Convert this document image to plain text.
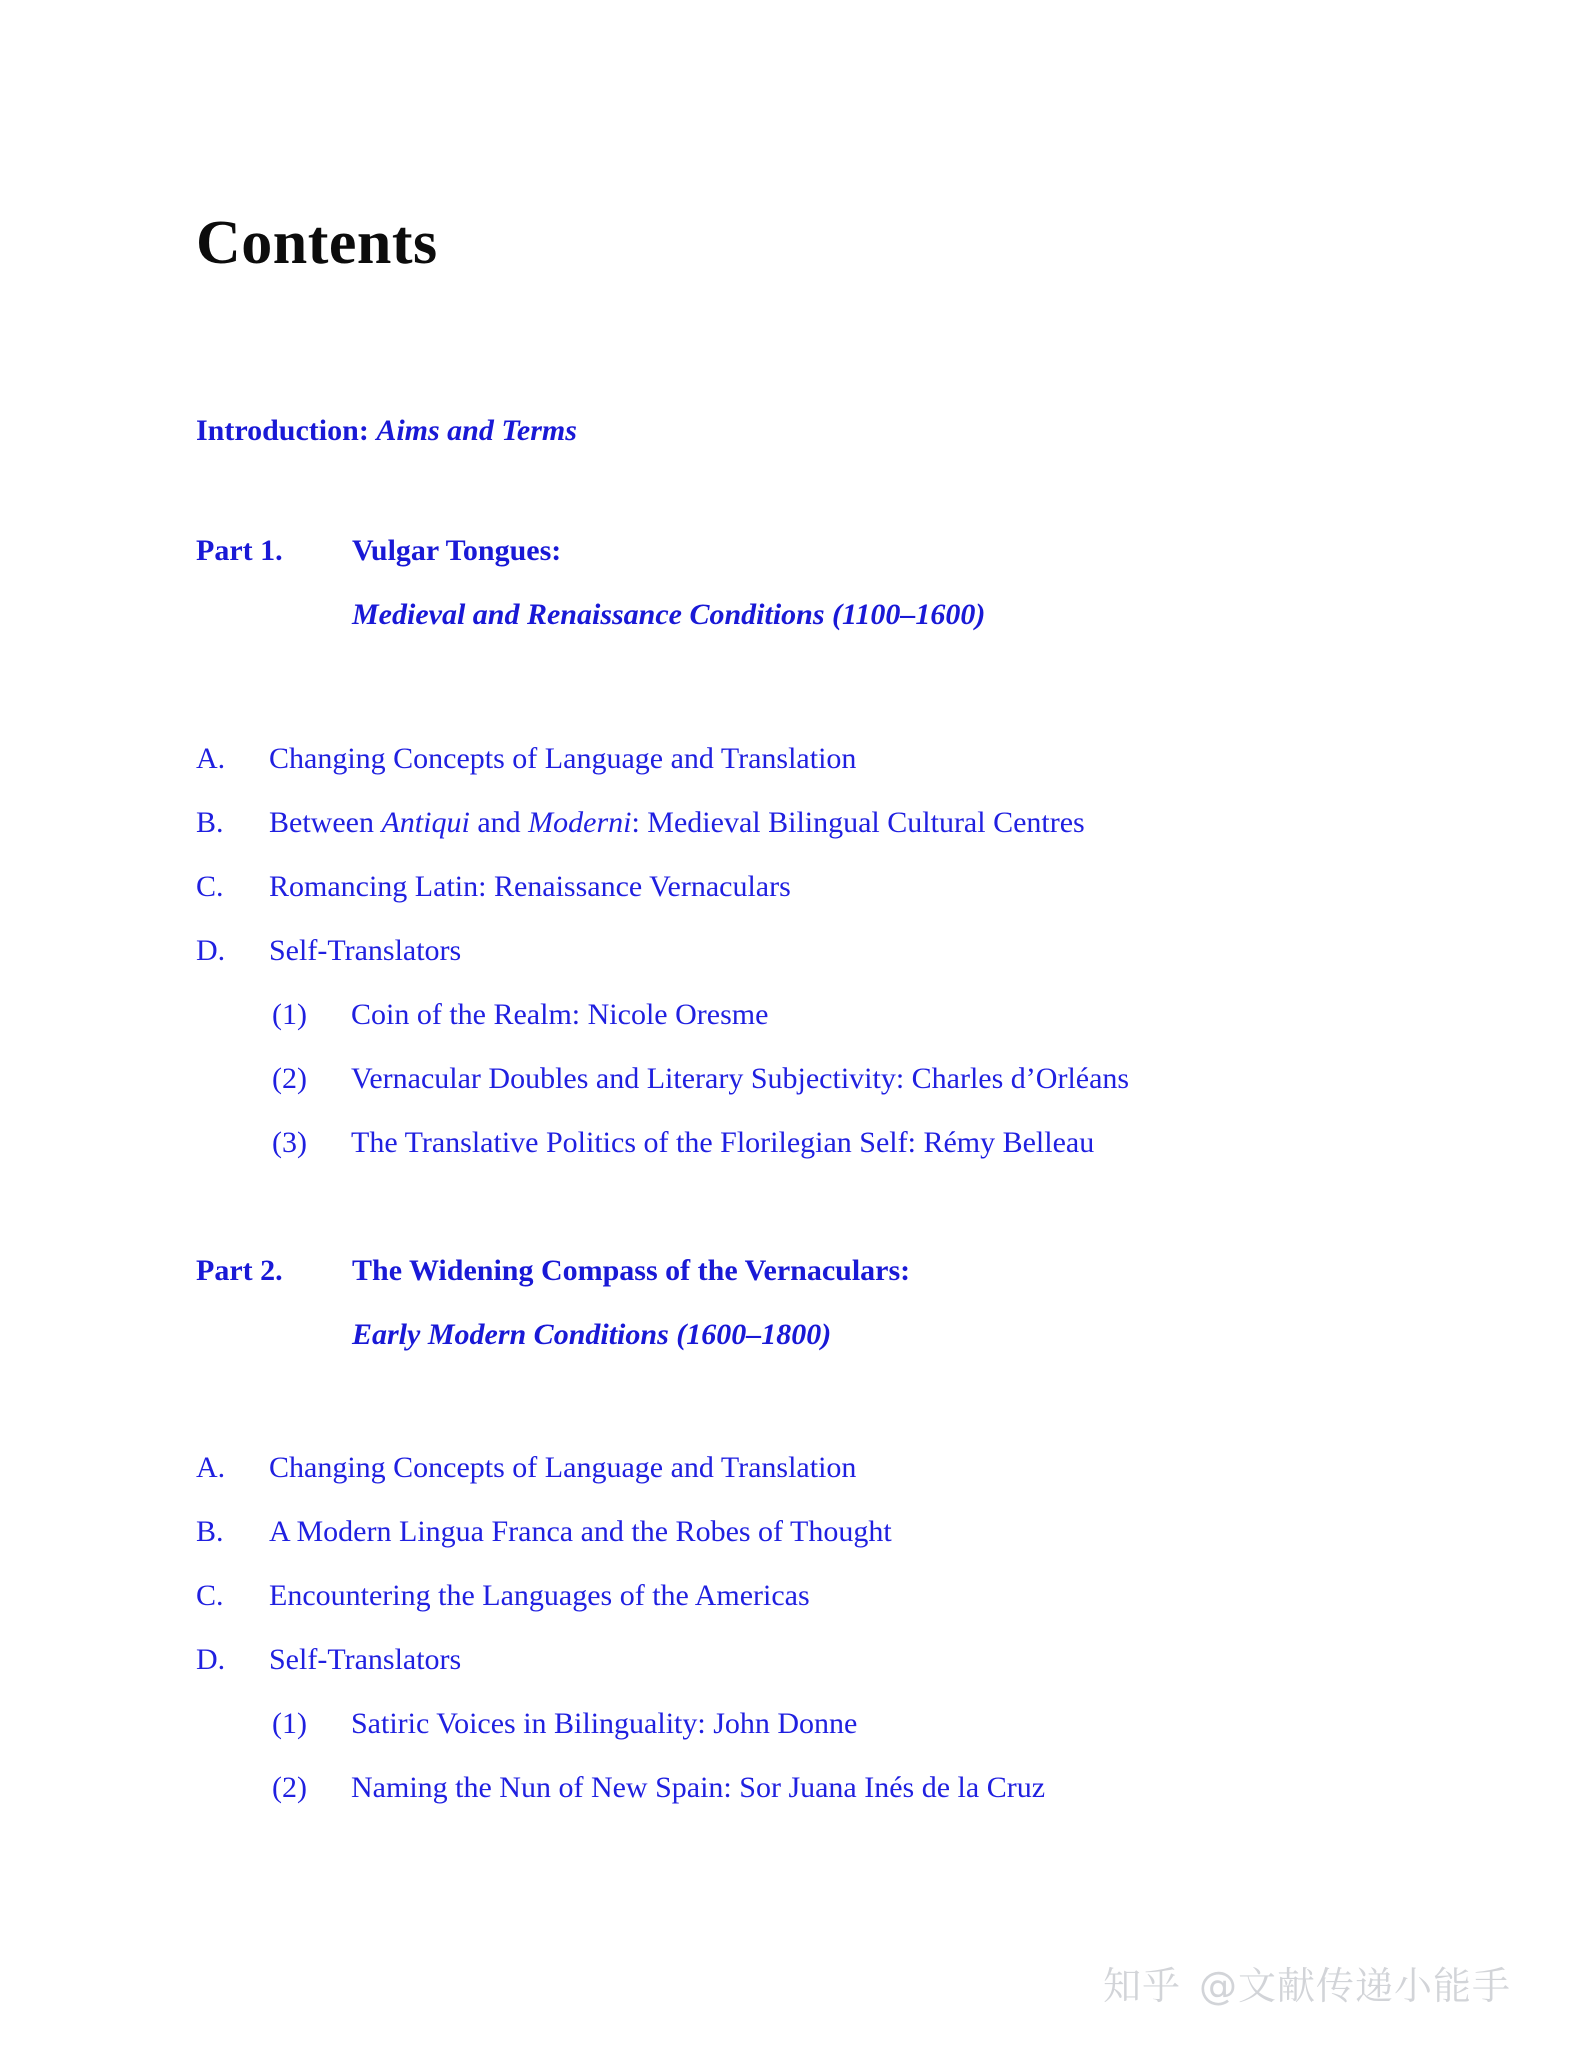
Contents
Introduction: Aims and Terms
Part 1. Vulgar Tongues:
Medieval and Renaissance Conditions (1100–1600)
A. Changing Concepts of Language and Translation
B. Between Antiqui and Moderni: Medieval Bilingual Cultural Centres
C. Romancing Latin: Renaissance Vernaculars
D. Self-Translators
(1) Coin of the Realm: Nicole Oresme
(2) Vernacular Doubles and Literary Subjectivity: Charles d’Orléans
(3) The Translative Politics of the Florilegian Self: Rémy Belleau
Part 2. The Widening Compass of the Vernaculars:
Early Modern Conditions (1600–1800)
A. Changing Concepts of Language and Translation
B. A Modern Lingua Franca and the Robes of Thought
C. Encountering the Languages of the Americas
D. Self-Translators
(1) Satiric Voices in Bilinguality: John Donne
(2) Naming the Nun of New Spain: Sor Juana Inés de la Cruz
知乎 @文献传递小能手
